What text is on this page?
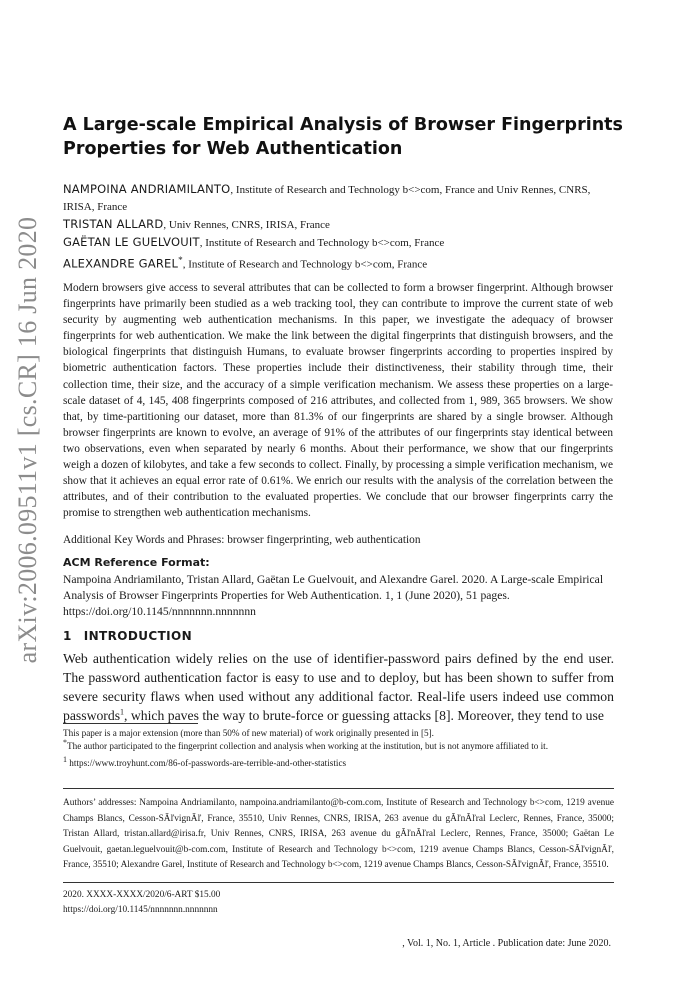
arXiv:2006.09511v1 [cs.CR] 16 Jun 2020
A Large-scale Empirical Analysis of Browser Fingerprints Properties for Web Authentication
NAMPOINA ANDRIAMILANTO, Institute of Research and Technology b<>com, France and Univ Rennes, CNRS, IRISA, France
TRISTAN ALLARD, Univ Rennes, CNRS, IRISA, France
GAËTAN LE GUELVOUIT, Institute of Research and Technology b<>com, France
ALEXANDRE GAREL*, Institute of Research and Technology b<>com, France
Modern browsers give access to several attributes that can be collected to form a browser fingerprint. Although browser fingerprints have primarily been studied as a web tracking tool, they can contribute to improve the current state of web security by augmenting web authentication mechanisms. In this paper, we investigate the adequacy of browser fingerprints for web authentication. We make the link between the digital fingerprints that distinguish browsers, and the biological fingerprints that distinguish Humans, to evaluate browser fingerprints according to properties inspired by biometric authentication factors. These properties include their distinctiveness, their stability through time, their collection time, their size, and the accuracy of a simple verification mechanism. We assess these properties on a large-scale dataset of 4, 145, 408 fingerprints composed of 216 attributes, and collected from 1, 989, 365 browsers. We show that, by time-partitioning our dataset, more than 81.3% of our fingerprints are shared by a single browser. Although browser fingerprints are known to evolve, an average of 91% of the attributes of our fingerprints stay identical between two observations, even when separated by nearly 6 months. About their performance, we show that our fingerprints weigh a dozen of kilobytes, and take a few seconds to collect. Finally, by processing a simple verification mechanism, we show that it achieves an equal error rate of 0.61%. We enrich our results with the analysis of the correlation between the attributes, and of their contribution to the evaluated properties. We conclude that our browser fingerprints carry the promise to strengthen web authentication mechanisms.
Additional Key Words and Phrases: browser fingerprinting, web authentication
ACM Reference Format:
Nampoina Andriamilanto, Tristan Allard, Gaëtan Le Guelvouit, and Alexandre Garel. 2020. A Large-scale Empirical Analysis of Browser Fingerprints Properties for Web Authentication. 1, 1 (June 2020), 51 pages. https://doi.org/10.1145/nnnnnnn.nnnnnnn
1 INTRODUCTION
Web authentication widely relies on the use of identifier-password pairs defined by the end user. The password authentication factor is easy to use and to deploy, but has been shown to suffer from severe security flaws when used without any additional factor. Real-life users indeed use common passwords$^1$, which paves the way to brute-force or guessing attacks [8]. Moreover, they tend to use

This paper is a major extension (more than 50% of new material) of work originally presented in [5].

*The author participated to the fingerprint collection and analysis when working at the institution, but is not anymore affiliated to it.

$^1$ https://www.troyhunt.com/86-of-passwords-are-terrible-and-other-statistics

Authors’ addresses: Nampoina Andriamilanto, nampoina.andriamilanto@b-com.com, Institute of Research and Technology b<>com, 1219 avenue Champs Blancs, Cesson-SÃľvignÃľ, France, 35510, Univ Rennes, CNRS, IRISA, 263 avenue du gÃľnÃľral Leclerc, Rennes, France, 35000; Tristan Allard, tristan.allard@irisa.fr, Univ Rennes, CNRS, IRISA, 263 avenue du gÃľnÃľral Leclerc, Rennes, France, 35000; Gaëtan Le Guelvouit, gaetan.leguelvouit@b-com.com, Institute of Research and Technology b<>com, 1219 avenue Champs Blancs, Cesson-SÃľvignÃľ, France, 35510; Alexandre Garel, Institute of Research and Technology b<>com, 1219 avenue Champs Blancs, Cesson-SÃľvignÃľ, France, 35510.
2020. XXXX-XXXX/2020/6-ART $15.00
https://doi.org/10.1145/nnnnnnn.nnnnnnn
, Vol. 1, No. 1, Article . Publication date: June 2020.
